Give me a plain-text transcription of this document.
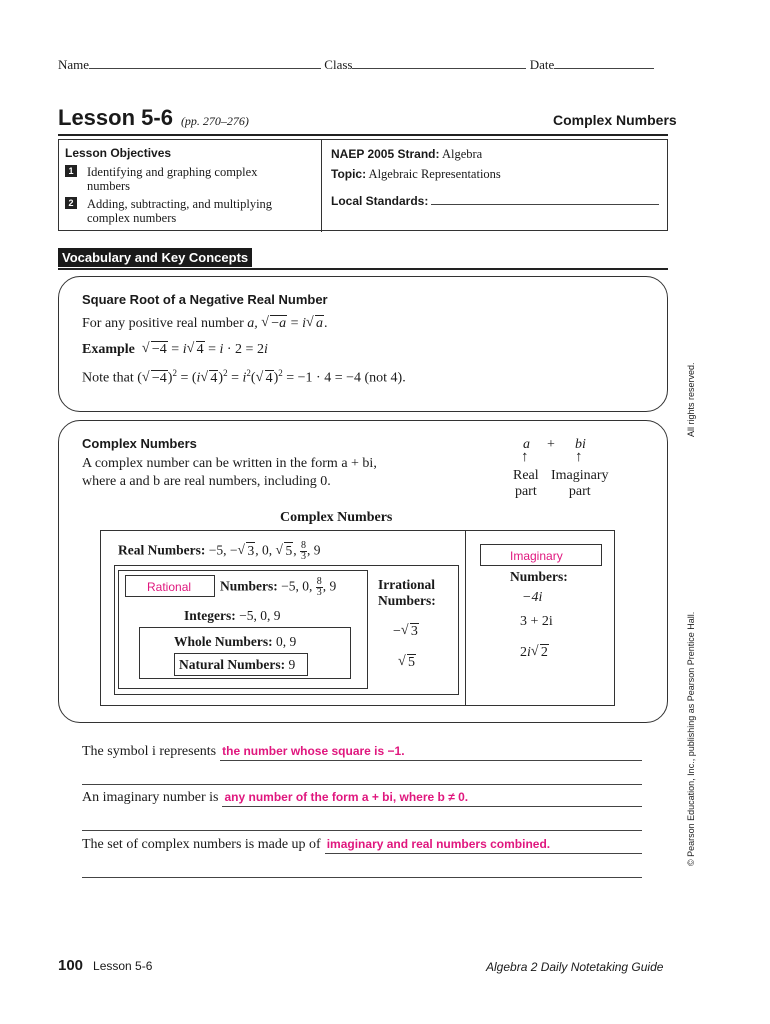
Name	Class	Date
Lesson 5-6 (pp. 270–276)	Complex Numbers
Lesson Objectives
1 Identifying and graphing complex
numbers
2 Adding, subtracting, and multiplying
complex numbers
NAEP 2005 Strand: Algebra
Topic: Algebraic Representations
Local Standards:
Vocabulary and Key Concepts
Square Root of a Negative Real Number
For any positive real number a, √ −a = i√ a.
Example  √ −4 = i√ 4 = i · 2 = 2i
Note that (√ −4)$^2$ = (i√ $4)^2 = i^2(√$ 4)$^2$ = −1 · 4 = −4 (not 4).
Complex Numbers
A complex number can be written in the form a + bi,
where a and b are real numbers, including 0.
a + bi
↑	↑
Real
part
Imaginary
part
Complex Numbers
Real Numbers: −5, −√ 3, 0, √ 5, $\frac{8}{3}$ , 9
Rational Numbers: −5, 0, $\frac{8}{3}$ , 9
Integers: −5, 0, 9
Whole Numbers: 0, 9
Natural Numbers: 9
Irrational
Numbers:
−√ 3
√ 5
Imaginary
Numbers:
−4i
3 + 2i
2i√ 2
The symbol i represents the number whose square is −1.
An imaginary number is any number of the form a + bi, where b ≠ 0.
The set of complex numbers is made up of imaginary and real numbers combined.
100 Lesson 5-6	Algebra 2 Daily Notetaking Guide
All rights reserved.
© Pearson Education, Inc., publishing as Pearson Prentice Hall.
